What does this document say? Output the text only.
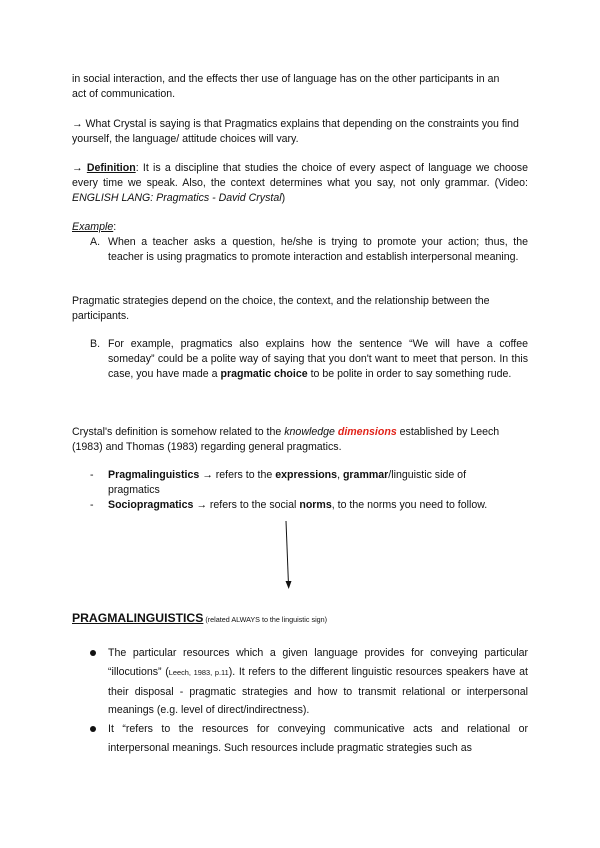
in social interaction, and the effects ther use of language has on the other participants in an
act of communication.

→ What Crystal is saying is that Pragmatics explains that depending on the constraints you find yourself, the language/ attitude choices will vary.

→ Definition: It is a discipline that studies the choice of every aspect of language we choose every time we speak. Also, the context determines what you say, not only grammar. (Video: ENGLISH LANG: Pragmatics - David Crystal)

Example:

A. When a teacher asks a question, he/she is trying to promote your action; thus, the teacher is using pragmatics to promote interaction and establish interpersonal meaning.

Pragmatic strategies depend on the choice, the context, and the relationship between the participants.

B. For example, pragmatics also explains how the sentence “We will have a coffee someday” could be a polite way of saying that you don't want to meet that person. In this case, you have made a pragmatic choice to be polite in order to say something rude.

Crystal's definition is somehow related to the knowledge dimensions established by Leech (1983) and Thomas (1983) regarding general pragmatics.

- Pragmalinguistics → refers to the expressions, grammar/linguistic side of pragmatics

- Sociopragmatics → refers to the social norms, to the norms you need to follow.

PRAGMALINGUISTICS (related ALWAYS to the linguistic sign)

The particular resources which a given language provides for conveying particular “illocutions” (Leech, 1983, p.11). It refers to the different linguistic resources speakers have at their disposal - pragmatic strategies and how to transmit relational or interpersonal meanings (e.g. level of direct/indirectness).

It “refers to the resources for conveying communicative acts and relational or interpersonal meanings. Such resources include pragmatic strategies such as
